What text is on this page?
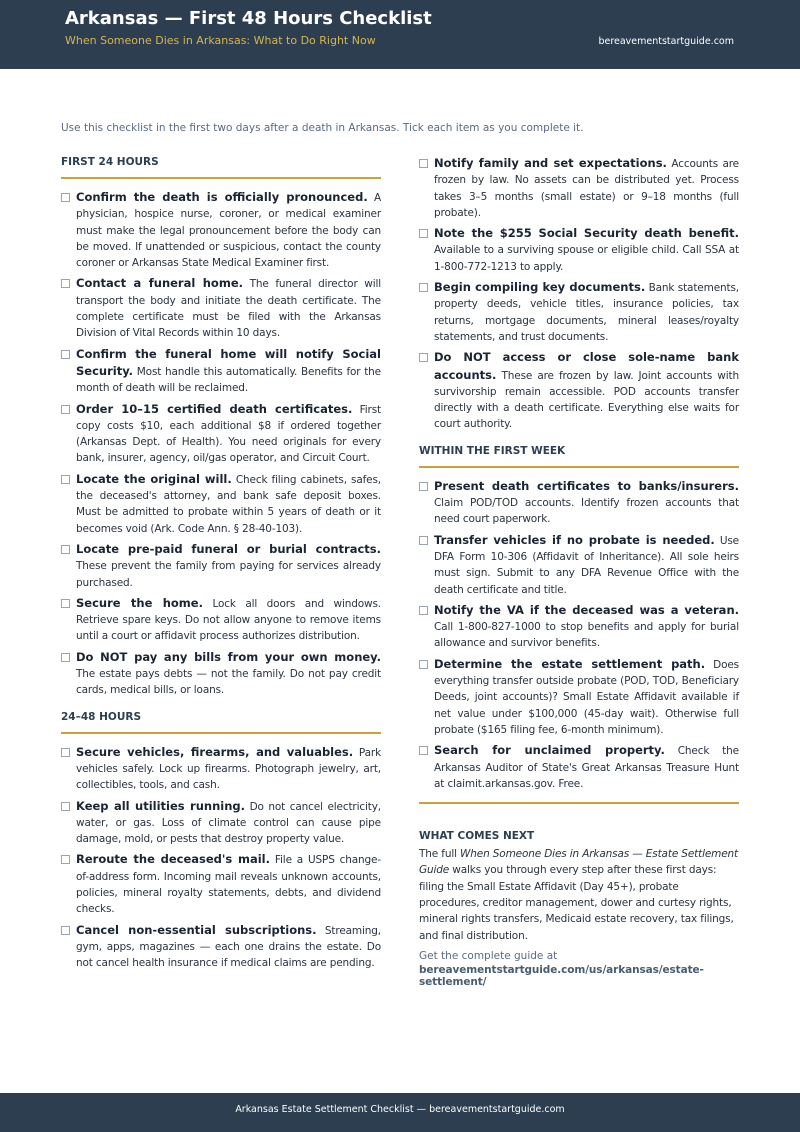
Arkansas — First 48 Hours Checklist
When Someone Dies in Arkansas: What to Do Right Now	bereavementstartguide.com
Use this checklist in the first two days after a death in Arkansas. Tick each item as you complete it.
FIRST 24 HOURS
Confirm the death is officially pronounced. A physician, hospice nurse, coroner, or medical examiner must make the legal pronouncement before the body can be moved. If unattended or suspicious, contact the county coroner or Arkansas State Medical Examiner first.
Contact a funeral home. The funeral director will transport the body and initiate the death certificate. The complete certificate must be filed with the Arkansas Division of Vital Records within 10 days.
Confirm the funeral home will notify Social Security. Most handle this automatically. Benefits for the month of death will be reclaimed.
Order 10–15 certified death certificates. First copy costs $10, each additional $8 if ordered together (Arkansas Dept. of Health). You need originals for every bank, insurer, agency, oil/gas operator, and Circuit Court.
Locate the original will. Check filing cabinets, safes, the deceased's attorney, and bank safe deposit boxes. Must be admitted to probate within 5 years of death or it becomes void (Ark. Code Ann. § 28-40-103).
Locate pre-paid funeral or burial contracts. These prevent the family from paying for services already purchased.
Secure the home. Lock all doors and windows. Retrieve spare keys. Do not allow anyone to remove items until a court or affidavit process authorizes distribution.
Do NOT pay any bills from your own money. The estate pays debts — not the family. Do not pay credit cards, medical bills, or loans.
24–48 HOURS
Secure vehicles, firearms, and valuables. Park vehicles safely. Lock up firearms. Photograph jewelry, art, collectibles, tools, and cash.
Keep all utilities running. Do not cancel electricity, water, or gas. Loss of climate control can cause pipe damage, mold, or pests that destroy property value.
Reroute the deceased's mail. File a USPS change-of-address form. Incoming mail reveals unknown accounts, policies, mineral royalty statements, debts, and dividend checks.
Cancel non-essential subscriptions. Streaming, gym, apps, magazines — each one drains the estate. Do not cancel health insurance if medical claims are pending.
Notify family and set expectations. Accounts are frozen by law. No assets can be distributed yet. Process takes 3–5 months (small estate) or 9–18 months (full probate).
Note the $255 Social Security death benefit. Available to a surviving spouse or eligible child. Call SSA at 1-800-772-1213 to apply.
Begin compiling key documents. Bank statements, property deeds, vehicle titles, insurance policies, tax returns, mortgage documents, mineral leases/royalty statements, and trust documents.
Do NOT access or close sole-name bank accounts. These are frozen by law. Joint accounts with survivorship remain accessible. POD accounts transfer directly with a death certificate. Everything else waits for court authority.
WITHIN THE FIRST WEEK
Present death certificates to banks/insurers. Claim POD/TOD accounts. Identify frozen accounts that need court paperwork.
Transfer vehicles if no probate is needed. Use DFA Form 10-306 (Affidavit of Inheritance). All sole heirs must sign. Submit to any DFA Revenue Office with the death certificate and title.
Notify the VA if the deceased was a veteran. Call 1-800-827-1000 to stop benefits and apply for burial allowance and survivor benefits.
Determine the estate settlement path. Does everything transfer outside probate (POD, TOD, Beneficiary Deeds, joint accounts)? Small Estate Affidavit available if net value under $100,000 (45-day wait). Otherwise full probate ($165 filing fee, 6-month minimum).
Search for unclaimed property. Check the Arkansas Auditor of State's Great Arkansas Treasure Hunt at claimit.arkansas.gov. Free.
WHAT COMES NEXT
The full When Someone Dies in Arkansas — Estate Settlement Guide walks you through every step after these first days: filing the Small Estate Affidavit (Day 45+), probate procedures, creditor management, dower and curtesy rights, mineral rights transfers, Medicaid estate recovery, tax filings, and final distribution.
Get the complete guide at
bereavementstartguide.com/us/arkansas/estate-settlement/
Arkansas Estate Settlement Checklist — bereavementstartguide.com
